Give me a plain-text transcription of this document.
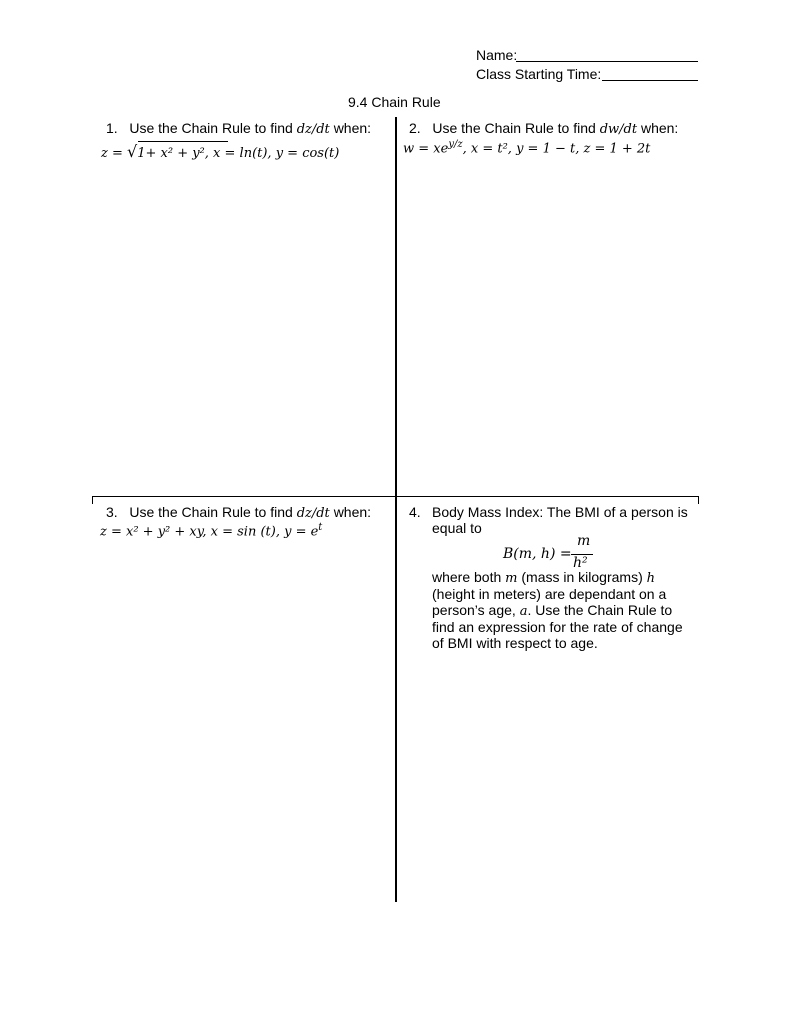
Name:
Class Starting Time:
9.4 Chain Rule
1. Use the Chain Rule to find dz/dt when:
z = √1+ x² + y², x = ln(t), y = cos(t)
2. Use the Chain Rule to find dw/dt when:
$w = xe^{y/z}$, x = t², y = 1 − t, z = 1 + 2t
3. Use the Chain Rule to find dz/dt when:
z = x² + y² + xy, x = sin (t), $y = e^t$
4. Body Mass Index: The BMI of a person is
equal to
B(m, h) =
m
h²
where both m (mass in kilograms) h
(height in meters) are dependant on a
person’s age, a. Use the Chain Rule to
find an expression for the rate of change
of BMI with respect to age.
